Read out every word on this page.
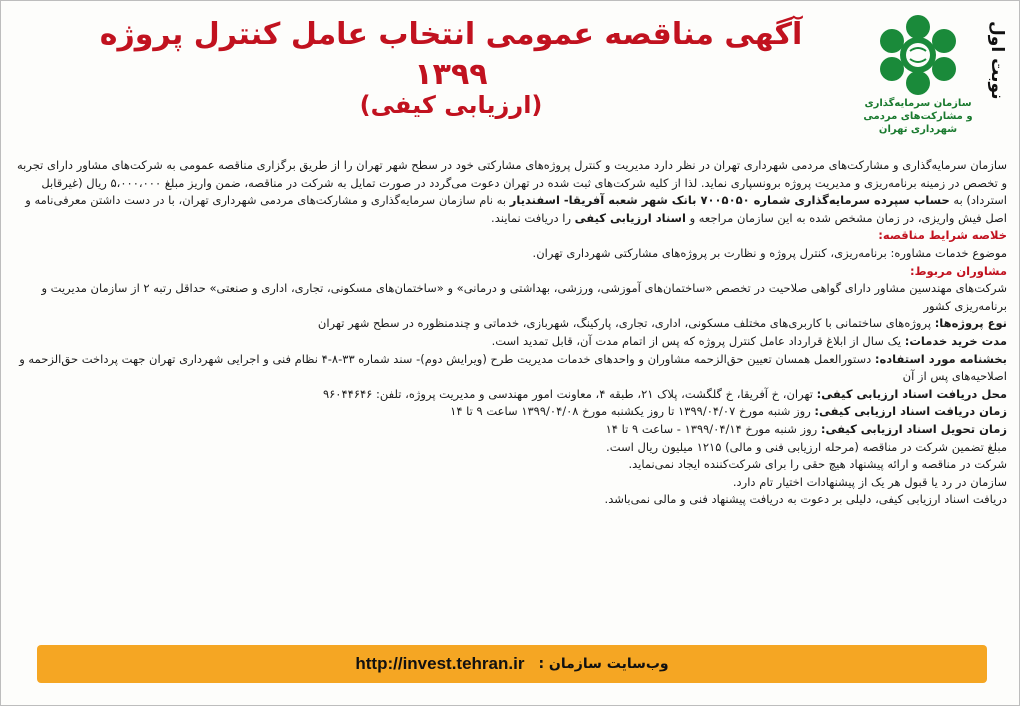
نوبت اول
سازمان سرمایه‌گذاری
و مشارکت‌های مردمی شهرداری تهران
آگهی مناقصه عمومی انتخاب عامل کنترل پروژه ۱۳۹۹
(ارزیابی کیفی)

سازمان سرمایه‌گذاری و مشارکت‌های مردمی شهرداری تهران در نظر دارد مدیریت و کنترل پروژه‌های مشارکتی خود در سطح شهر تهران را از طریق برگزاری مناقصه عمومی به شرکت‌های مشاور دارای تجربه و تخصص در زمینه برنامه‌ریزی و مدیریت پروژه برونسپاری نماید. لذا از کلیه شرکت‌های ثبت شده در تهران دعوت می‌گردد در صورت تمایل به شرکت در مناقصه، ضمن واریز مبلغ ۵،۰۰۰،۰۰۰ ریال (غیرقابل استرداد) به حساب سپرده سرمایه‌گذاری شماره ۷۰۰۵۰۵۰ بانک شهر شعبه آفریقا- اسفندیار به نام سازمان سرمایه‌گذاری و مشارکت‌های مردمی شهرداری تهران، با در دست داشتن معرفی‌نامه و اصل فیش واریزی، در زمان مشخص شده به این سازمان مراجعه و اسناد ارزیابی کیفی را دریافت نمایند.

خلاصه شرایط مناقصه:

موضوع خدمات مشاوره: برنامه‌ریزی، کنترل پروژه و نظارت بر پروژه‌های مشارکتی شهرداری تهران.

مشاوران مربوط:

شرکت‌های مهندسین مشاور دارای گواهی صلاحیت در تخصص «ساختمان‌های آموزشی، ورزشی، بهداشتی و درمانی» و «ساختمان‌های مسکونی، تجاری، اداری و صنعتی» حداقل رتبه ۲ از سازمان مدیریت و برنامه‌ریزی کشور

نوع پروژه‌ها: پروژه‌های ساختمانی با کاربری‌های مختلف مسکونی، اداری، تجاری، پارکینگ، شهربازی، خدماتی و چندمنظوره در سطح شهر تهران

مدت خرید خدمات: یک سال از ابلاغ قرارداد عامل کنترل پروژه که پس از اتمام مدت آن، قابل تمدید است.

بخشنامه مورد استفاده: دستورالعمل همسان تعیین حق‌الزحمه مشاوران و واحدهای خدمات مدیریت طرح (ویرایش دوم)- سند شماره ۳۳-۸-۴ نظام فنی و اجرایی شهرداری تهران جهت پرداخت حق‌الزحمه و اصلاحیه‌های پس از آن

محل دریافت اسناد ارزیابی کیفی: تهران، خ آفریقا، خ گلگشت، پلاک ۲۱، طبقه ۴، معاونت امور مهندسی و مدیریت پروژه، تلفن: ۹۶۰۴۴۶۴۶

زمان دریافت اسناد ارزیابی کیفی: روز شنبه مورخ ۱۳۹۹/۰۴/۰۷ تا روز یکشنبه مورخ ۱۳۹۹/۰۴/۰۸ ساعت ۹ تا ۱۴

زمان تحویل اسناد ارزیابی کیفی: روز شنبه مورخ ۱۳۹۹/۰۴/۱۴ - ساعت ۹ تا ۱۴

مبلغ تضمین شرکت در مناقصه (مرحله ارزیابی فنی و مالی) ۱۲۱۵ میلیون ریال است.

شرکت در مناقصه و ارائه پیشنهاد هیچ حقی را برای شرکت‌کننده ایجاد نمی‌نماید.

سازمان در رد یا قبول هر یک از پیشنهادات اختیار تام دارد.

دریافت اسناد ارزیابی کیفی، دلیلی بر دعوت به دریافت پیشنهاد فنی و مالی نمی‌باشد.

وب‌سایت سازمان :
http://invest.tehran.ir
